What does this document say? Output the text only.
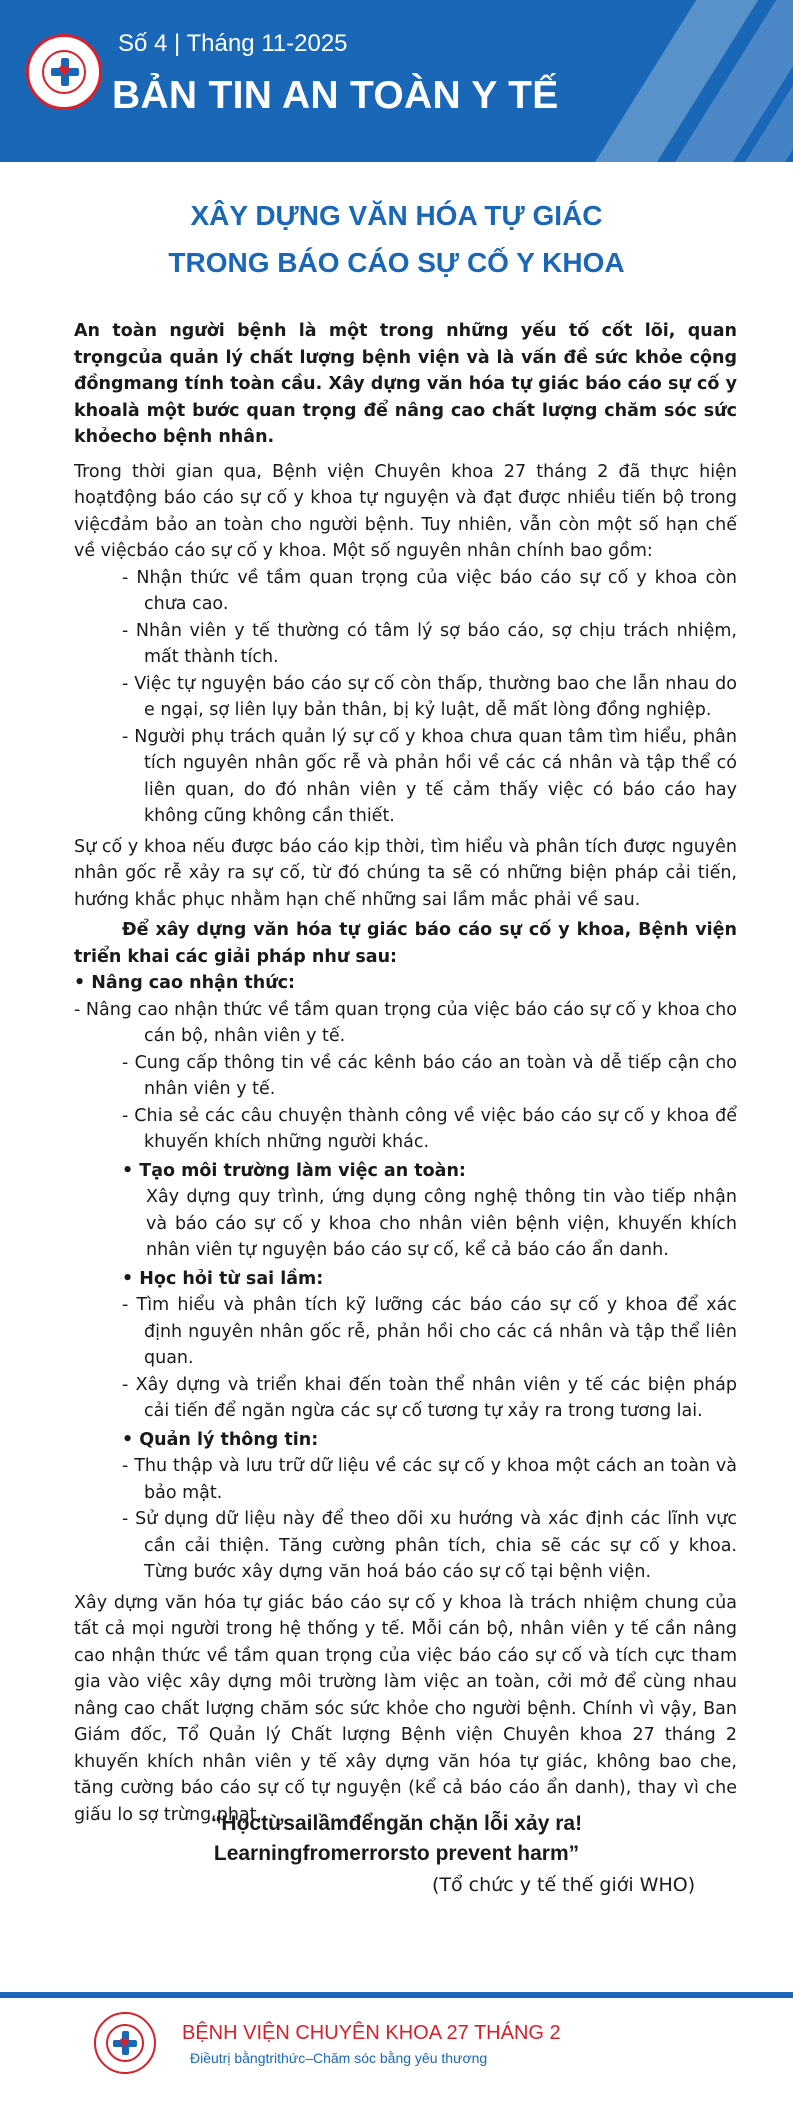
♥
Số 4 | Tháng 11-2025
BẢN TIN AN TOÀN Y TẾ
XÂY DỰNG VĂN HÓA TỰ GIÁC
TRONG BÁO CÁO SỰ CỐ Y KHOA
An toàn người bệnh là một trong những yếu tố cốt lõi, quan trọngcủa quản lý chất lượng bệnh viện và là vấn đề sức khỏe cộng đồngmang tính toàn cầu. Xây dựng văn hóa tự giác báo cáo sự cố y khoalà một bước quan trọng để nâng cao chất lượng chăm sóc sức khỏecho bệnh nhân.
Trong thời gian qua, Bệnh viện Chuyên khoa 27 tháng 2 đã thực hiện hoạtđộng báo cáo sự cố y khoa tự nguyện và đạt được nhiều tiến bộ trong việcđảm bảo an toàn cho người bệnh. Tuy nhiên, vẫn còn một số hạn chế về việcbáo cáo sự cố y khoa. Một số nguyên nhân chính bao gồm:
- Nhận thức về tầm quan trọng của việc báo cáo sự cố y khoa còn chưa cao.
- Nhân viên y tế thường có tâm lý sợ báo cáo, sợ chịu trách nhiệm, mất thành tích.
- Việc tự nguyện báo cáo sự cố còn thấp, thường bao che lẫn nhau do e ngại, sợ liên lụy bản thân, bị kỷ luật, dễ mất lòng đồng nghiệp.
- Người phụ trách quản lý sự cố y khoa chưa quan tâm tìm hiểu, phân tích nguyên nhân gốc rễ và phản hồi về các cá nhân và tập thể có liên quan, do đó nhân viên y tế cảm thấy việc có báo cáo hay không cũng không cần thiết.
Sự cố y khoa nếu được báo cáo kịp thời, tìm hiểu và phân tích được nguyên nhân gốc rễ xảy ra sự cố, từ đó chúng ta sẽ có những biện pháp cải tiến, hướng khắc phục nhằm hạn chế những sai lầm mắc phải về sau.
Để xây dựng văn hóa tự giác báo cáo sự cố y khoa, Bệnh viện triển khai các giải pháp như sau:
• Nâng cao nhận thức:
- Nâng cao nhận thức về tầm quan trọng của việc báo cáo sự cố y khoa cho cán bộ, nhân viên y tế.
- Cung cấp thông tin về các kênh báo cáo an toàn và dễ tiếp cận cho nhân viên y tế.
- Chia sẻ các câu chuyện thành công về việc báo cáo sự cố y khoa để khuyến khích những người khác.
• Tạo môi trường làm việc an toàn:
Xây dựng quy trình, ứng dụng công nghệ thông tin vào tiếp nhận và báo cáo sự cố y khoa cho nhân viên bệnh viện, khuyến khích nhân viên tự nguyện báo cáo sự cố, kể cả báo cáo ẩn danh.
• Học hỏi từ sai lầm:
- Tìm hiểu và phân tích kỹ lưỡng các báo cáo sự cố y khoa để xác định nguyên nhân gốc rễ, phản hồi cho các cá nhân và tập thể liên quan.
- Xây dựng và triển khai đến toàn thể nhân viên y tế các biện pháp cải tiến để ngăn ngừa các sự cố tương tự xảy ra trong tương lai.
• Quản lý thông tin:
- Thu thập và lưu trữ dữ liệu về các sự cố y khoa một cách an toàn và bảo mật.
- Sử dụng dữ liệu này để theo dõi xu hướng và xác định các lĩnh vực cần cải thiện. Tăng cường phân tích, chia sẽ các sự cố y khoa. Từng bước xây dựng văn hoá báo cáo sự cố tại bệnh viện.
Xây dựng văn hóa tự giác báo cáo sự cố y khoa là trách nhiệm chung của tất cả mọi người trong hệ thống y tế. Mỗi cán bộ, nhân viên y tế cần nâng cao nhận thức về tầm quan trọng của việc báo cáo sự cố và tích cực tham gia vào việc xây dựng môi trường làm việc an toàn, cởi mở để cùng nhau nâng cao chất lượng chăm sóc sức khỏe cho người bệnh. Chính vì vậy, Ban Giám đốc, Tổ Quản lý Chất lượng Bệnh viện Chuyên khoa 27 tháng 2 khuyến khích nhân viên y tế xây dựng văn hóa tự giác, không bao che, tăng cường báo cáo sự cố tự nguyện (kể cả báo cáo ẩn danh), thay vì che giấu lo sợ trừng phạt.
“Họctừsailầmđểngăn chặn lỗi xảy ra!
Learningfromerrorsto prevent harm”
(Tổ chức y tế thế giới WHO)
♥	BỆNH VIỆN CHUYÊN KHOA 27 THÁNG 2
Điềutrị bằngtrithức–Chăm sóc bằng yêu thương
